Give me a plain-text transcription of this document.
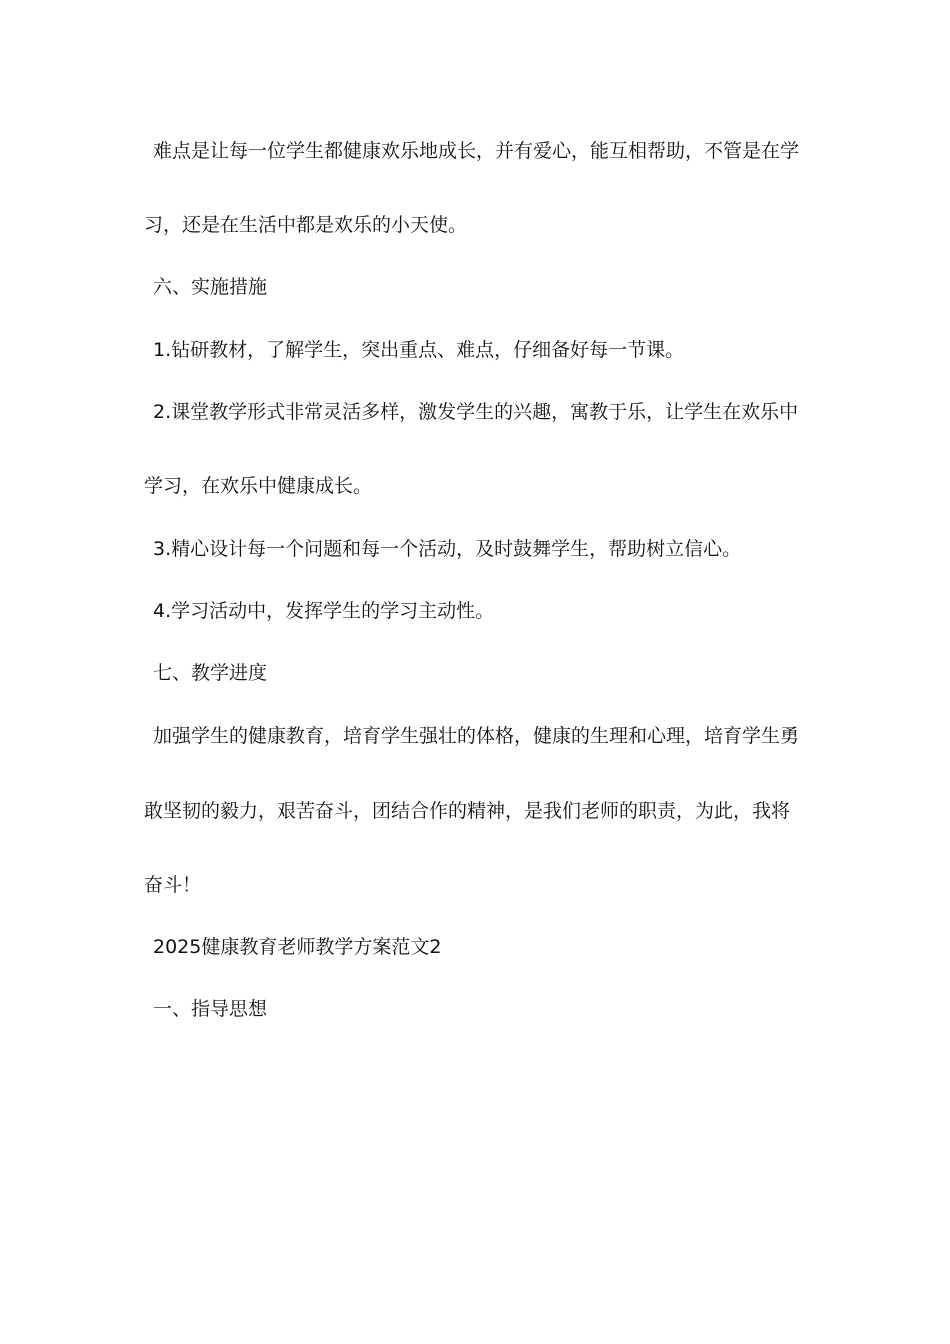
难点是让每一位学生都健康欢乐地成长，并有爱心，能互相帮助，不管是在学
习，还是在生活中都是欢乐的小天使。
六、实施措施
1.钻研教材，了解学生，突出重点、难点，仔细备好每一节课。
2.课堂教学形式非常灵活多样，激发学生的兴趣，寓教于乐，让学生在欢乐中
学习，在欢乐中健康成长。
3.精心设计每一个问题和每一个活动，及时鼓舞学生，帮助树立信心。
4.学习活动中，发挥学生的学习主动性。
七、教学进度
加强学生的健康教育，培育学生强壮的体格，健康的生理和心理，培育学生勇
敢坚韧的毅力，艰苦奋斗，团结合作的精神，是我们老师的职责，为此，我将
奋斗！
2025健康教育老师教学方案范文2
一、指导思想
